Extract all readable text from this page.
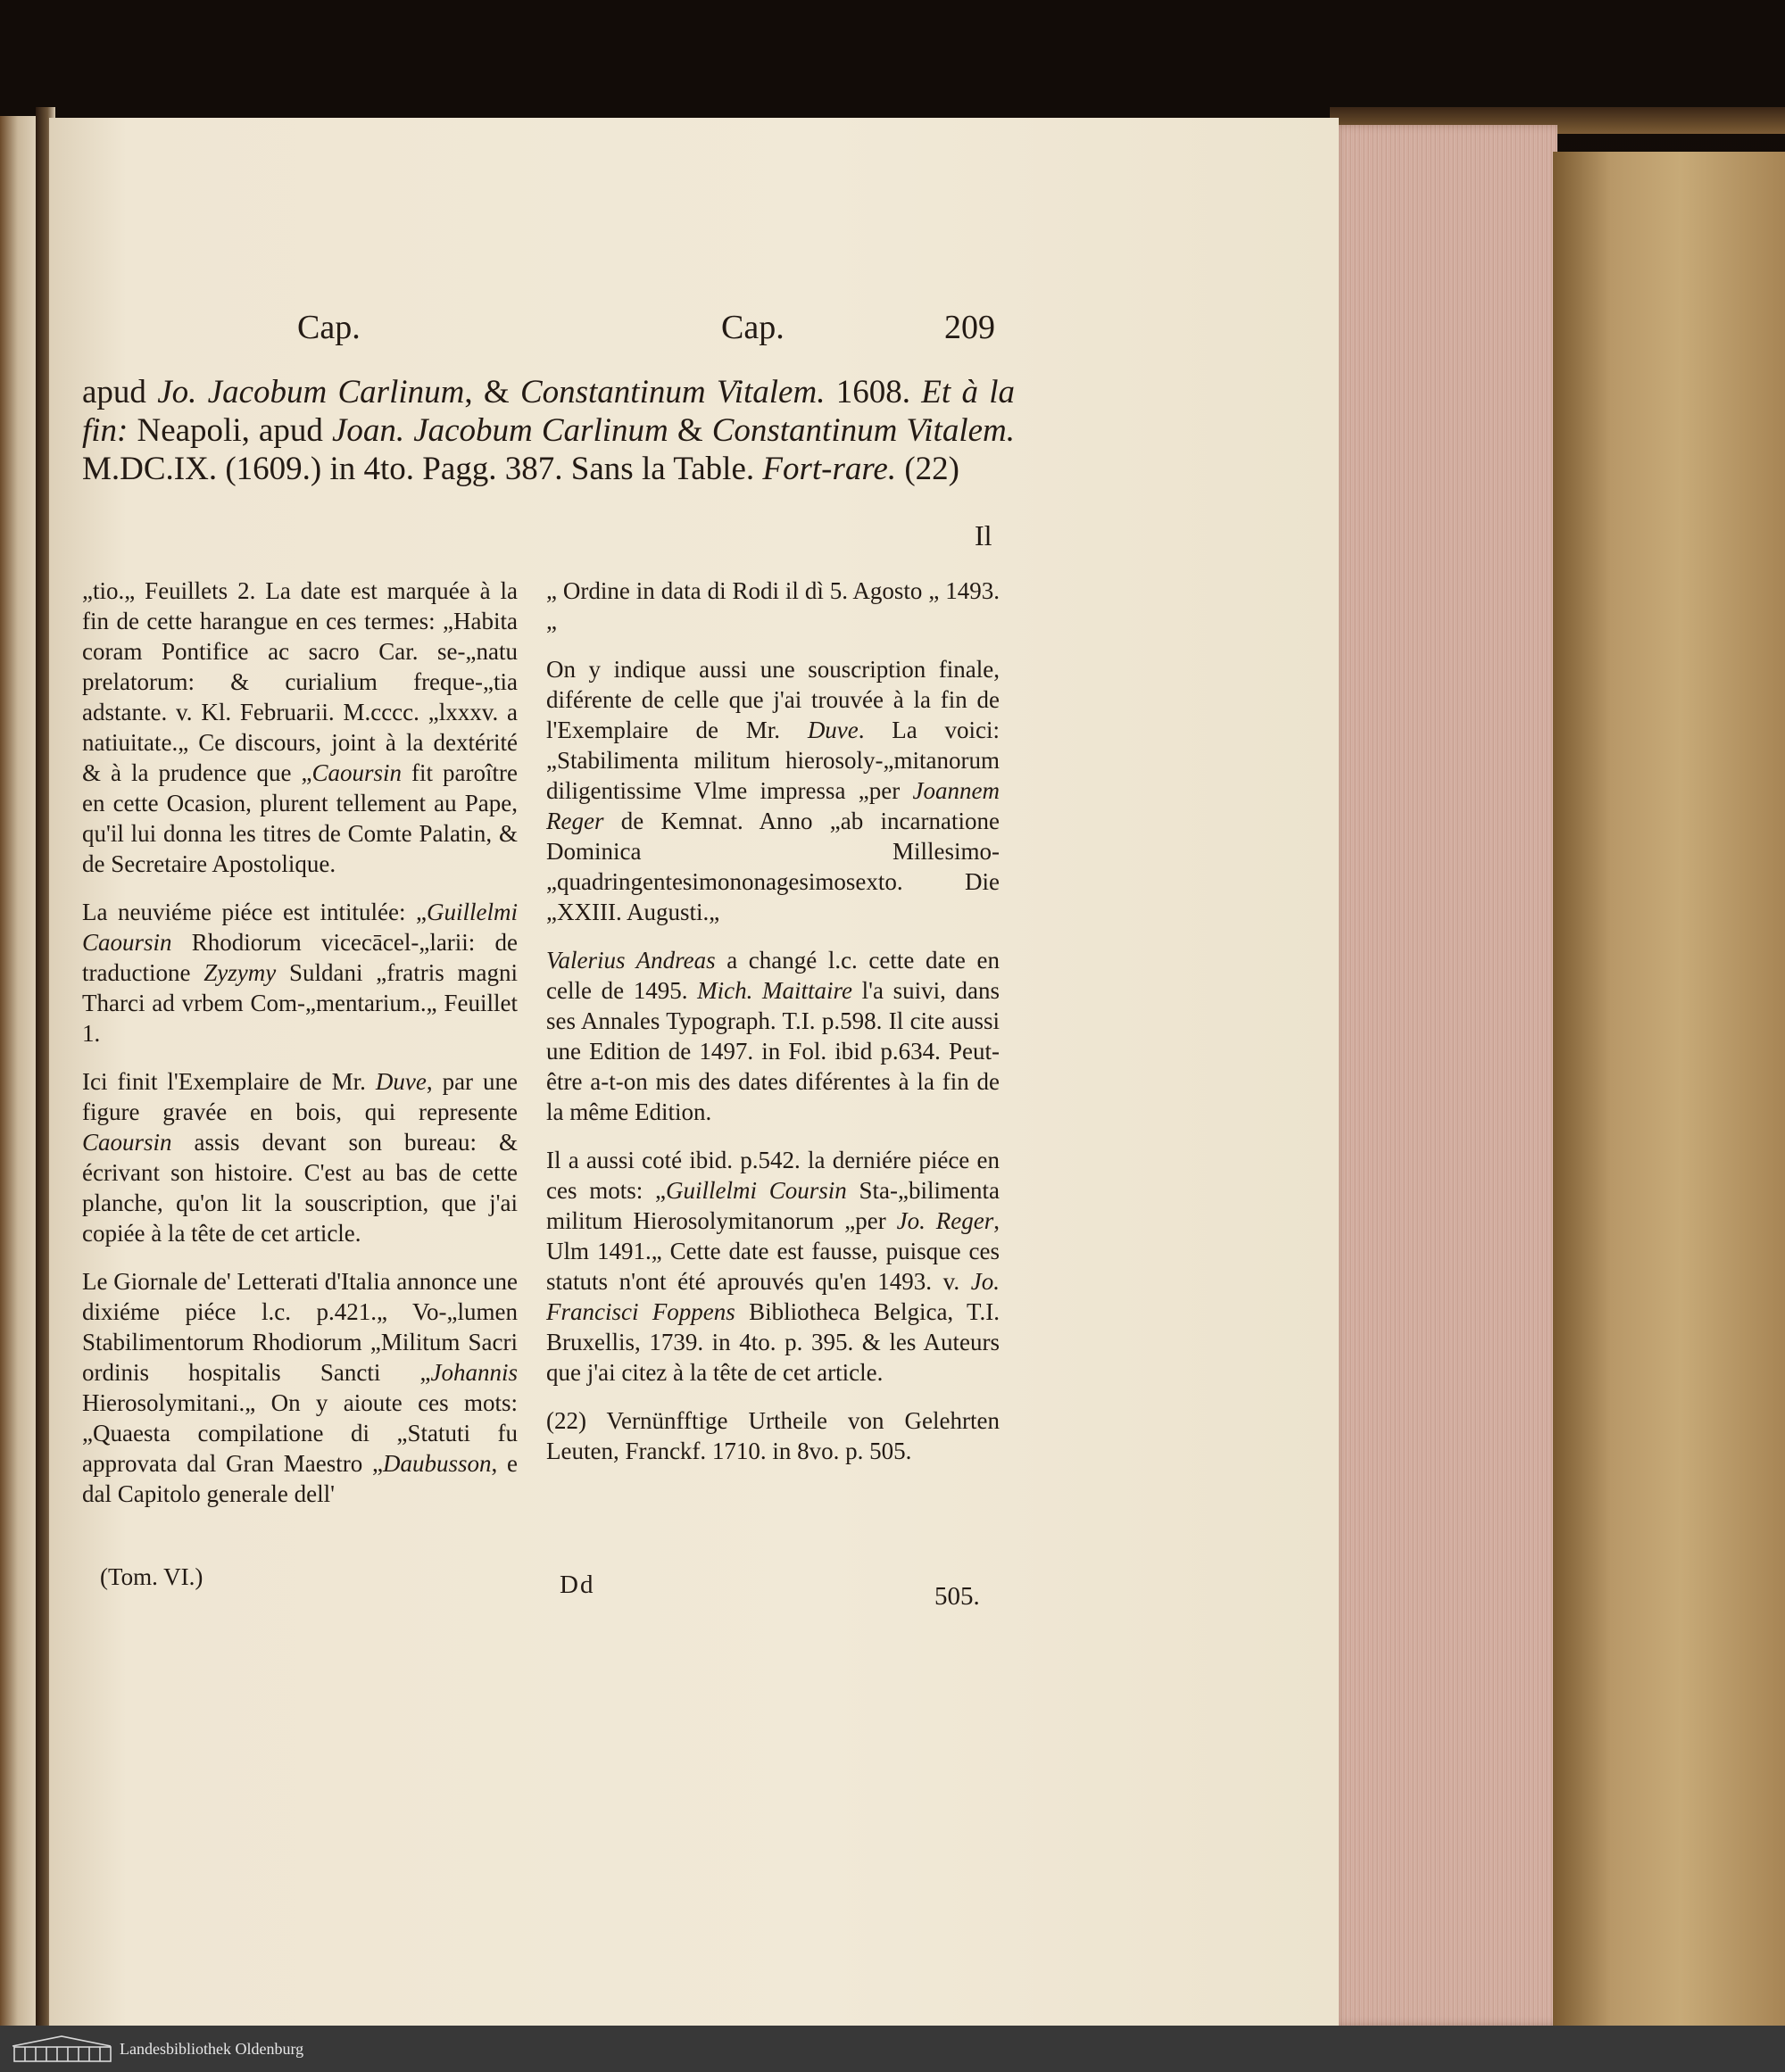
Cap.	Cap.	209
apud Jo. Jacobum Carlinum, & Constantinum Vitalem. 1608. Et à la fin: Neapoli, apud Joan. Jacobum Carlinum & Constantinum Vitalem. M.DC.IX. (1609.) in 4to. Pagg. 387. Sans la Table. Fort-rare. (22)
Il

„tio.„ Feuillets 2. La date est marquée à la fin de cette harangue en ces termes: „Habita coram Pontifice ac sacro Car. se-„natu prelatorum: & curialium freque-„tia adstante. v. Kl. Februarii. M.cccc. „lxxxv. a natiuitate.„ Ce discours, joint à la dextérité & à la prudence que „Caoursin fit paroître en cette Ocasion, plurent tellement au Pape, qu'il lui donna les titres de Comte Palatin, & de Secretaire Apostolique.

La neuviéme piéce est intitulée: „Guillelmi Caoursin Rhodiorum vicecācel-„larii: de traductione Zyzymy Suldani „fratris magni Tharci ad vrbem Com-„mentarium.„ Feuillet 1.

Ici finit l'Exemplaire de Mr. Duve, par une figure gravée en bois, qui represente Caoursin assis devant son bureau: & écrivant son histoire. C'est au bas de cette planche, qu'on lit la souscription, que j'ai copiée à la tête de cet article.

Le Giornale de' Letterati d'Italia annonce une dixiéme piéce l.c. p.421.„ Vo-„lumen Stabilimentorum Rhodiorum „Militum Sacri ordinis hospitalis Sancti „Johannis Hierosolymitani.„ On y aioute ces mots: „Quaesta compilatione di „Statuti fu approvata dal Gran Maestro „Daubusson, e dal Capitolo generale dell'

„ Ordine in data di Rodi il dì 5. Agosto „ 1493.„

On y indique aussi une souscription finale, diférente de celle que j'ai trouvée à la fin de l'Exemplaire de Mr. Duve. La voici: „Stabilimenta militum hierosoly-„mitanorum diligentissime Vlme impressa „per Joannem Reger de Kemnat. Anno „ab incarnatione Dominica Millesimo-„quadringentesimononagesimosexto. Die „XXIII. Augusti.„

Valerius Andreas a changé l.c. cette date en celle de 1495. Mich. Maittaire l'a suivi, dans ses Annales Typograph. T.I. p.598. Il cite aussi une Edition de 1497. in Fol. ibid p.634. Peut-être a-t-on mis des dates diférentes à la fin de la même Edition.

Il a aussi coté ibid. p.542. la derniére piéce en ces mots: „Guillelmi Coursin Sta-„bilimenta militum Hierosolymitanorum „per Jo. Reger, Ulm 1491.„ Cette date est fausse, puisque ces statuts n'ont été aprouvés qu'en 1493. v. Jo. Francisci Foppens Bibliotheca Belgica, T.I. Bruxellis, 1739. in 4to. p. 395. & les Auteurs que j'ai citez à la tête de cet article.

(22) Vernünfftige Urtheile von Gelehrten Leuten, Franckf. 1710. in 8vo. p. 505.

(Tom. VI.)	Dd	505.
Landesbibliothek Oldenburg
